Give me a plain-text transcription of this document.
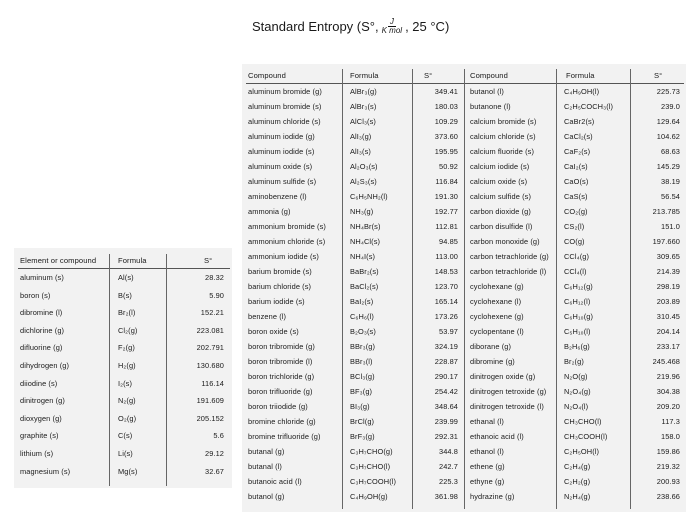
Standard Entropy (S°, $\frac{J}{\text{K mol}}$ , 25 °C)
Element or compound	Formula	S°
aluminum (s)	Al(s)	28.32
boron (s)	B(s)	5.90
dibromine (l)	Br₂(l)	152.21
dichlorine (g)	Cl₂(g)	223.081
difluorine (g)	F₂(g)	202.791
dihydrogen (g)	H₂(g)	130.680
diiodine (s)	I₂(s)	116.14
dinitrogen (g)	N₂(g)	191.609
dioxygen (g)	O₂(g)	205.152
graphite (s)	C(s)	5.6
lithium (s)	Li(s)	29.12
magnesium (s)	Mg(s)	32.67
Compound	Formula	S°	Compound	Formula	S°
aluminum bromide (g)	AlBr₃(g)	349.41 butanol (l)	C₄H₉OH(l)	225.73
aluminum bromide (s)	AlBr₃(s)	180.03 butanone (l)	C₂H₅COCH₃(l)	239.0
aluminum chloride (s)	AlCl₃(s)	109.29 calcium bromide (s)	CaBr2(s)	129.64
aluminum iodide (g)	AlI₃(g)	373.60 calcium chloride (s)	CaCl₂(s)	104.62
aluminum iodide (s)	AlI₃(s)	195.95 calcium fluoride (s)	CaF₂(s)	68.63
aluminum oxide (s)	Al₂O₃(s)	50.92 calcium iodide (s)	CaI₂(s)	145.29
aluminum sulfide (s)	Al₂S₃(s)	116.84 calcium oxide (s)	CaO(s)	38.19
aminobenzene (l)	C₆H₅NH₂(l)	191.30 calcium sulfide (s)	CaS(s)	56.54
ammonia (g)	NH₃(g)	192.77 carbon dioxide (g)	CO₂(g)	213.785
ammonium bromide (s)	NH₄Br(s)	112.81 carbon disulfide (l)	CS₂(l)	151.0
ammonium chloride (s)	NH₄Cl(s)	94.85 carbon monoxide (g)	CO(g)	197.660
ammonium iodide (s)	NH₄I(s)	113.00 carbon tetrachloride (g) CCl₄(g)	309.65
barium bromide (s)	BaBr₂(s)	148.53 carbon tetrachloride (l) CCl₄(l)	214.39
barium chloride (s)	BaCl₂(s)	123.70 cyclohexane (g)	C₆H₁₂(g)	298.19
barium iodide (s)	BaI₂(s)	165.14 cyclohexane (l)	C₆H₁₂(l)	203.89
benzene (l)	C₆H₆(l)	173.26 cyclohexene (g)	C₆H₁₀(g)	310.45
boron oxide (s)	B₂O₃(s)	53.97 cyclopentane (l)	C₅H₁₀(l)	204.14
boron tribromide (g)	BBr₃(g)	324.19 diborane (g)	B₂H₆(g)	233.17
boron tribromide (l)	BBr₃(l)	228.87 dibromine (g)	Br₂(g)	245.468
boron trichloride (g)	BCl₃(g)	290.17 dinitrogen oxide (g)	N₂O(g)	219.96
boron trifluoride (g)	BF₃(g)	254.42 dinitrogen tetroxide (g) N₂O₄(g)	304.38
boron triiodide (g)	BI₃(g)	348.64 dinitrogen tetroxide (l)	N₂O₄(l)	209.20
bromine chloride (g)	BrCl(g)	239.99 ethanal (l)	CH₃CHO(l)	117.3
bromine trifluoride (g)	BrF₃(g)	292.31 ethanoic acid (l)	CH₃COOH(l)	158.0
butanal (g)	C₃H₇CHO(g)	344.8 ethanol (l)	C₂H₅OH(l)	159.86
butanal (l)	C₃H₇CHO(l)	242.7 ethene (g)	C₂H₄(g)	219.32
butanoic acid (l)	C₃H₇COOH(l)	225.3 ethyne (g)	C₂H₂(g)	200.93
butanol (g)	C₄H₉OH(g)	361.98 hydrazine (g)	N₂H₄(g)	238.66
